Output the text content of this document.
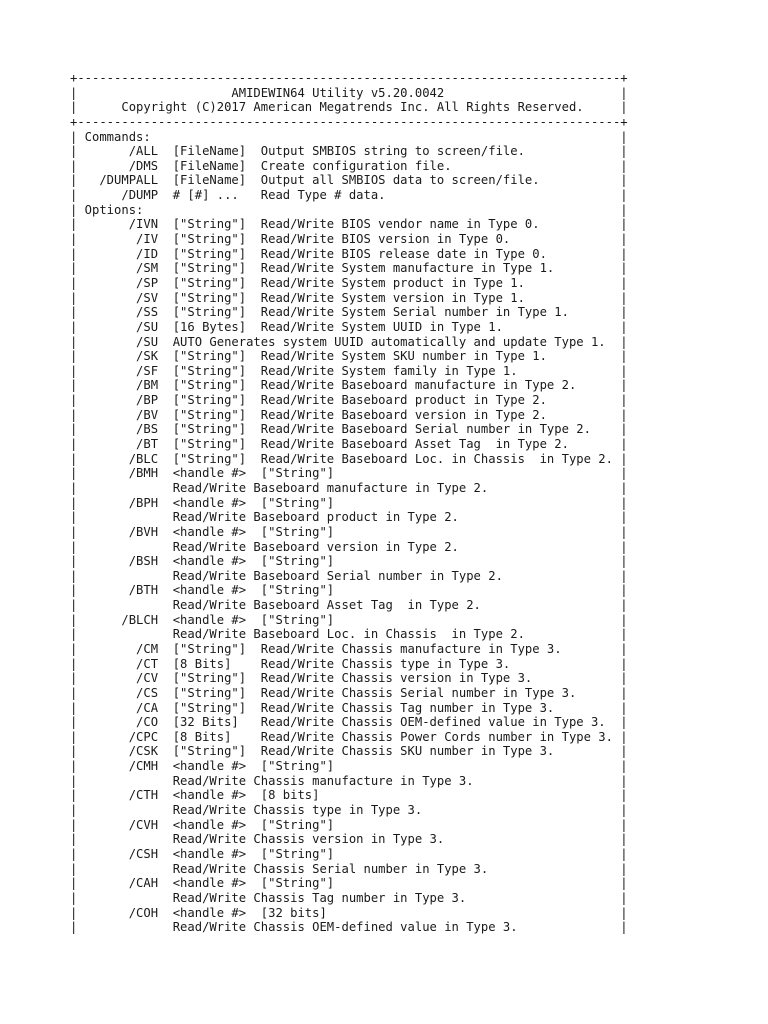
+--------------------------------------------------------------------------+
|                     AMIDEWIN64 Utility v5.20.0042                        |
|      Copyright (C)2017 American Megatrends Inc. All Rights Reserved.     |
+--------------------------------------------------------------------------+
| Commands:                                                                |
|       /ALL  [FileName]  Output SMBIOS string to screen/file.             |
|       /DMS  [FileName]  Create configuration file.                       |
|   /DUMPALL  [FileName]  Output all SMBIOS data to screen/file.           |
|      /DUMP  # [#] ...   Read Type # data.                                |
| Options:                                                                 |
|       /IVN  ["String"]  Read/Write BIOS vendor name in Type 0.           |
|        /IV  ["String"]  Read/Write BIOS version in Type 0.               |
|        /ID  ["String"]  Read/Write BIOS release date in Type 0.          |
|        /SM  ["String"]  Read/Write System manufacture in Type 1.         |
|        /SP  ["String"]  Read/Write System product in Type 1.             |
|        /SV  ["String"]  Read/Write System version in Type 1.             |
|        /SS  ["String"]  Read/Write System Serial number in Type 1.       |
|        /SU  [16 Bytes]  Read/Write System UUID in Type 1.                |
|        /SU  AUTO Generates system UUID automatically and update Type 1.  |
|        /SK  ["String"]  Read/Write System SKU number in Type 1.          |
|        /SF  ["String"]  Read/Write System family in Type 1.              |
|        /BM  ["String"]  Read/Write Baseboard manufacture in Type 2.      |
|        /BP  ["String"]  Read/Write Baseboard product in Type 2.          |
|        /BV  ["String"]  Read/Write Baseboard version in Type 2.          |
|        /BS  ["String"]  Read/Write Baseboard Serial number in Type 2.    |
|        /BT  ["String"]  Read/Write Baseboard Asset Tag  in Type 2.       |
|       /BLC  ["String"]  Read/Write Baseboard Loc. in Chassis  in Type 2. |
|       /BMH  <handle #>  ["String"]                                       |
|             Read/Write Baseboard manufacture in Type 2.                  |
|       /BPH  <handle #>  ["String"]                                       |
|             Read/Write Baseboard product in Type 2.                      |
|       /BVH  <handle #>  ["String"]                                       |
|             Read/Write Baseboard version in Type 2.                      |
|       /BSH  <handle #>  ["String"]                                       |
|             Read/Write Baseboard Serial number in Type 2.                |
|       /BTH  <handle #>  ["String"]                                       |
|             Read/Write Baseboard Asset Tag  in Type 2.                   |
|      /BLCH  <handle #>  ["String"]                                       |
|             Read/Write Baseboard Loc. in Chassis  in Type 2.             |
|        /CM  ["String"]  Read/Write Chassis manufacture in Type 3.        |
|        /CT  [8 Bits]    Read/Write Chassis type in Type 3.               |
|        /CV  ["String"]  Read/Write Chassis version in Type 3.            |
|        /CS  ["String"]  Read/Write Chassis Serial number in Type 3.      |
|        /CA  ["String"]  Read/Write Chassis Tag number in Type 3.         |
|        /CO  [32 Bits]   Read/Write Chassis OEM-defined value in Type 3.  |
|       /CPC  [8 Bits]    Read/Write Chassis Power Cords number in Type 3. |
|       /CSK  ["String"]  Read/Write Chassis SKU number in Type 3.         |
|       /CMH  <handle #>  ["String"]                                       |
|             Read/Write Chassis manufacture in Type 3.                    |
|       /CTH  <handle #>  [8 bits]                                         |
|             Read/Write Chassis type in Type 3.                           |
|       /CVH  <handle #>  ["String"]                                       |
|             Read/Write Chassis version in Type 3.                        |
|       /CSH  <handle #>  ["String"]                                       |
|             Read/Write Chassis Serial number in Type 3.                  |
|       /CAH  <handle #>  ["String"]                                       |
|             Read/Write Chassis Tag number in Type 3.                     |
|       /COH  <handle #>  [32 bits]                                        |
|             Read/Write Chassis OEM-defined value in Type 3.              |
